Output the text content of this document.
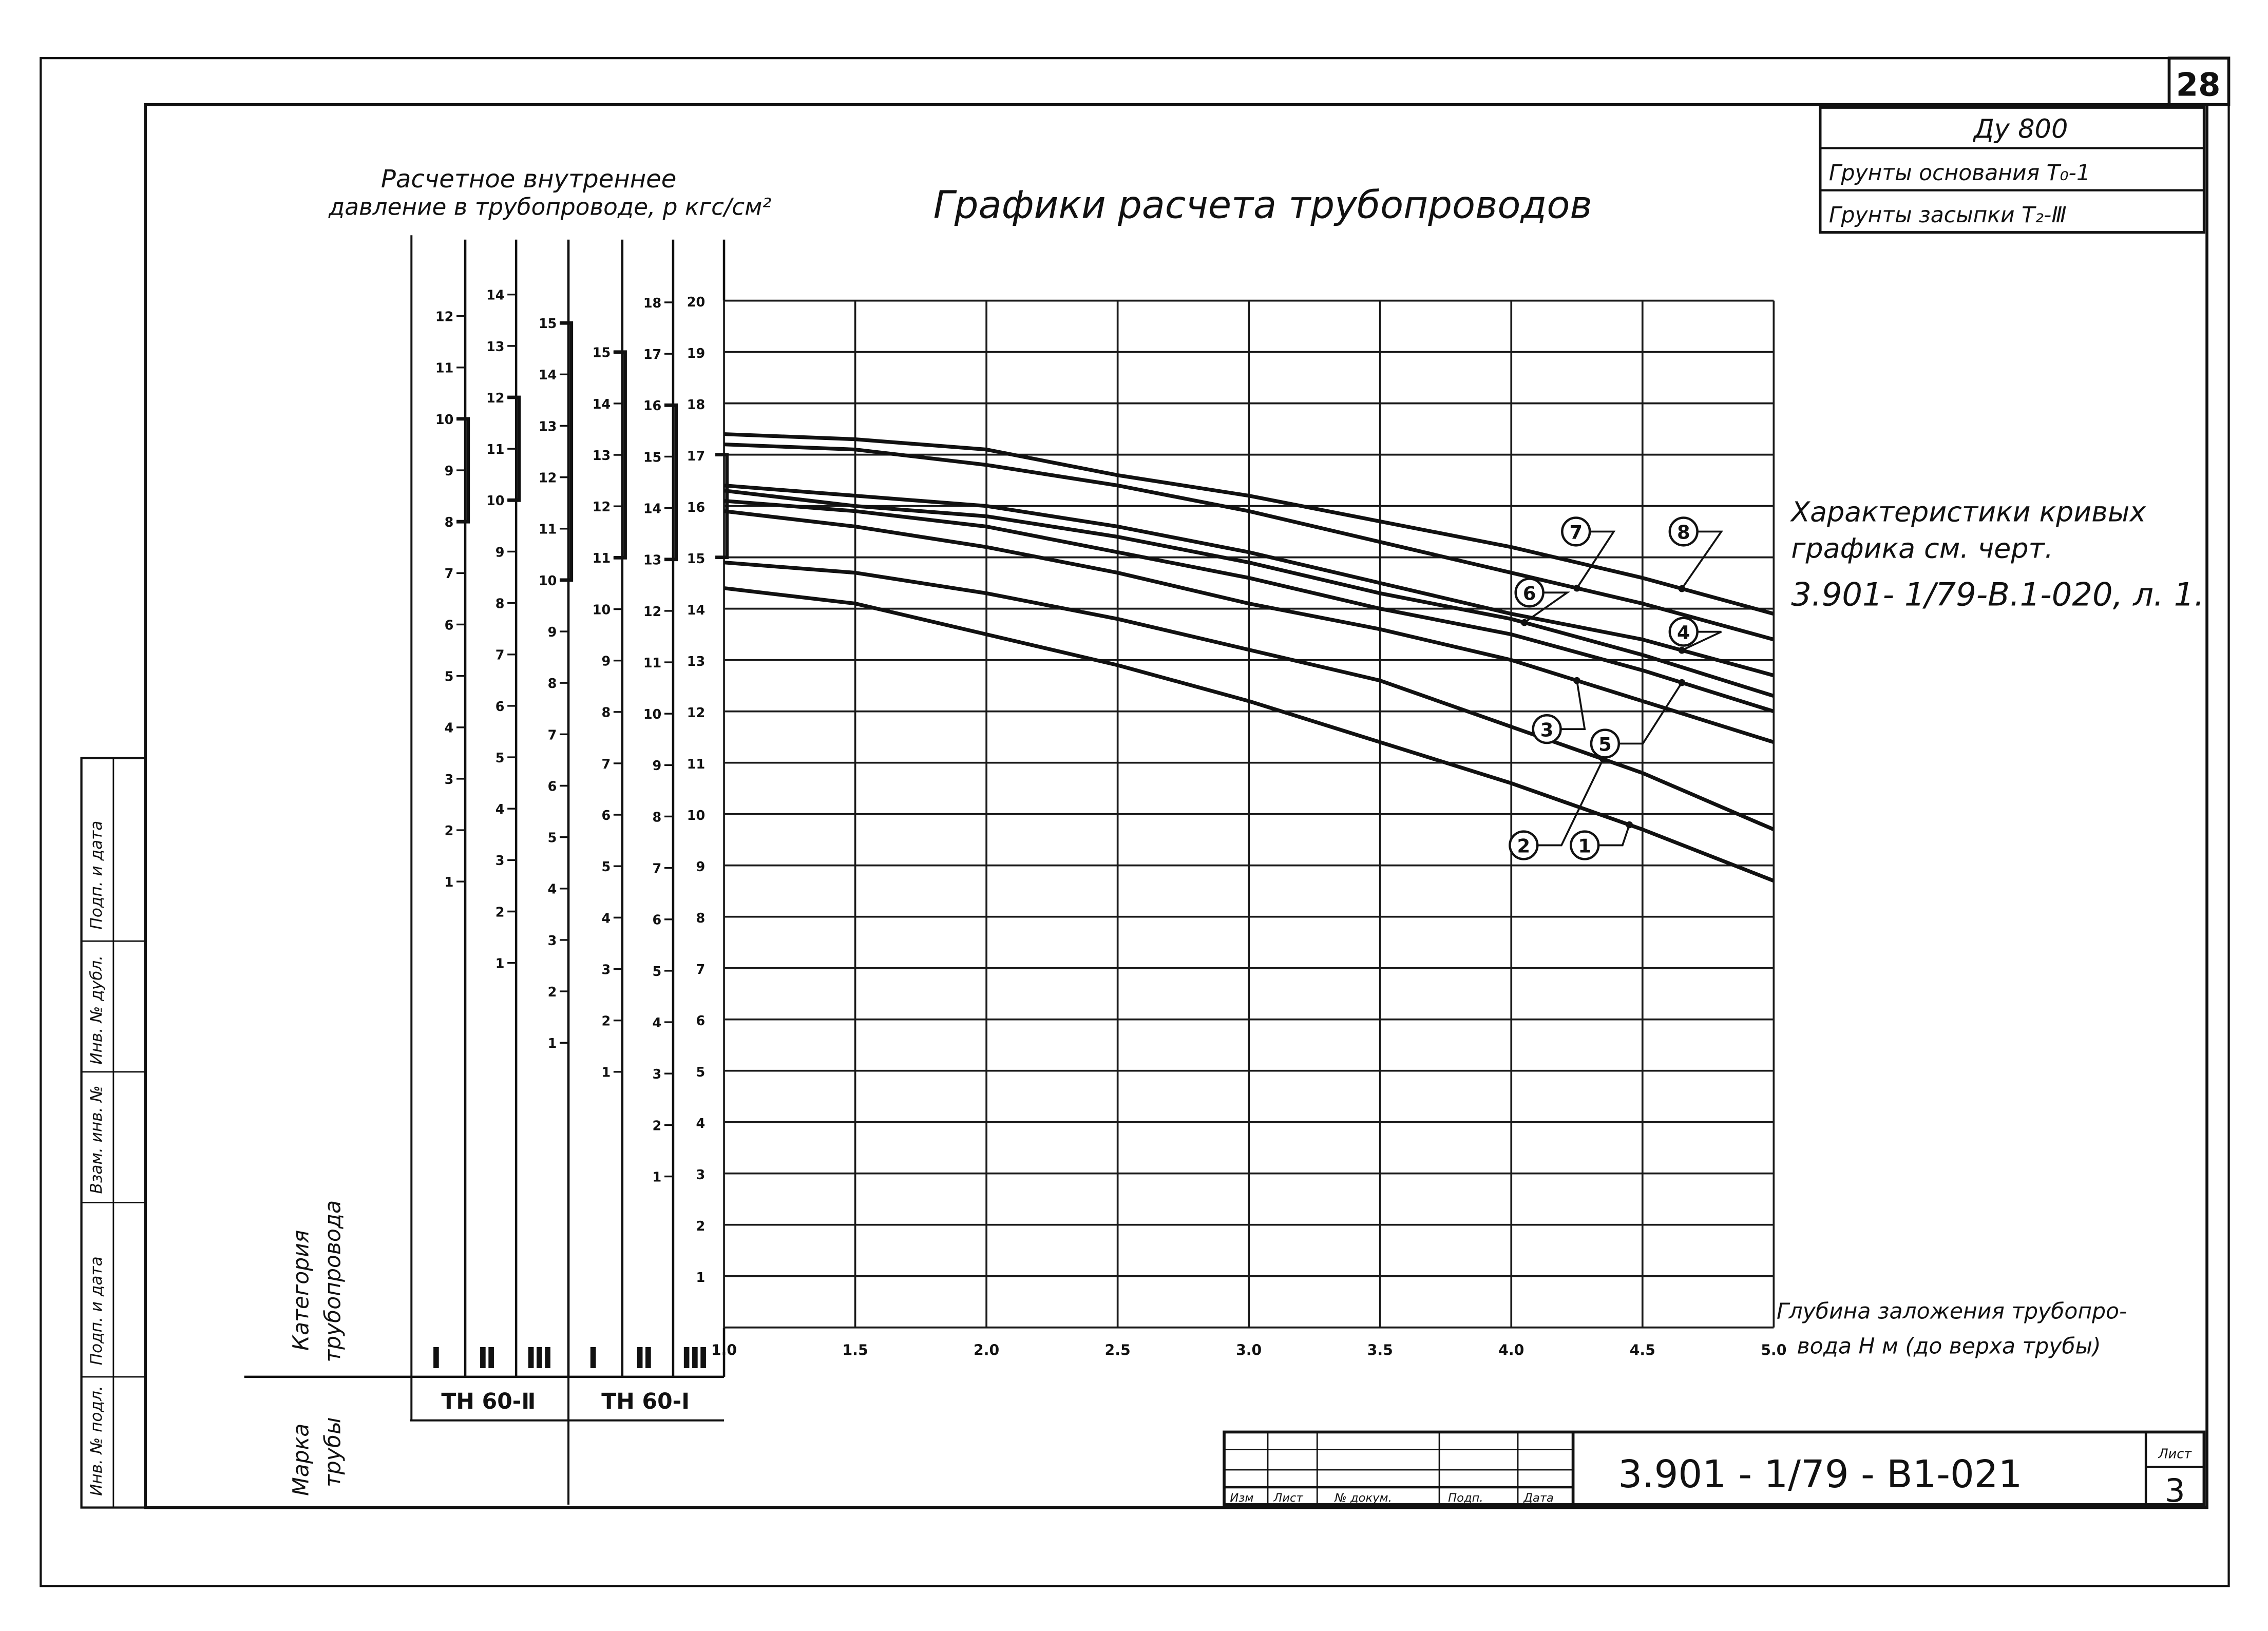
28
Ду 800
Грунты основания Т₀-1
Грунты засыпки Т₂-Ⅲ
Инв. № подл.
Подп. и дата
Взам. инв. №
Инв. № дубл.
Подп. и дата
Расчетное внутреннее
давление в трубопроводе, р кгс/см²	Графики расчета трубопроводов
Характеристики кривых
графика см. черт.
3.901- 1/79-В.1-020, л. 1.
1
2
3
4
5
6
7
8
9
10
11
12
I
1
2
3
4
5
6
7
8
9
10
11
12
13
14
Ⅱ
1
2
3
4
5
6
7
8
9
10
11
12
13
14
15
Ⅲ
1
2
3
4
5
6
7
8
9
10
11
12
13
14
15
I
1
2
3
4
5
6
7
8
9
10
11
12
13
14
15
16
17
18
Ⅱ	Ⅲ
1
2
3
4
5
6
7
8
9
10
11
12
13
14
15
16
17
18
19
20
1.0	1.5	2.0	2.5	3.0	3.5	4.0	4.5	5.0
1
2
3
4
5
6
7	8
Глубина заложения трубопро-
вода Н м (до верха трубы)
Категория трубопровода
Марка трубы
ТН 60-Ⅱ	ТН 60-I
Изм	Лист	№ докум.	Подп.	Дата
3.901 - 1/79 - В1-021	Лист
3
